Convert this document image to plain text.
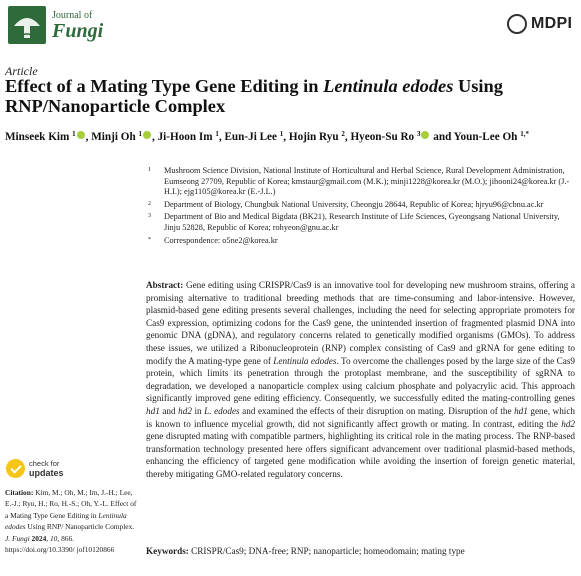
Journal of
Fungi	MDPI
Article
Effect of a Mating Type Gene Editing in Lentinula edodes Using RNP/Nanoparticle Complex
Minseek Kim $^1$ , Minji Oh $^1$ , Ji-Hoon Im $^1$, Eun-Ji Lee $^1$, Hojin Ryu $^2$, Hyeon-Su Ro $^3$ and Youn-Lee Oh $^{1,*}$
1 Mushroom Science Division, National Institute of Horticultural and Herbal Science, Rural Development Administration, Eumseong 27709, Republic of Korea; kmstaur@gmail.com (M.K.); minji1228@korea.kr (M.O.); jihooni24@korea.kr (J.-H.I.); ejg1105@korea.kr (E.-J.L.)
2 Department of Biology, Chungbuk National University, Cheongju 28644, Republic of Korea; hjryu96@cbnu.ac.kr
3 Department of Bio and Medical Bigdata (BK21), Research Institute of Life Sciences, Gyeongsang National University, Jinju 52828, Republic of Korea; rohyeon@gnu.ac.kr
* Correspondence: o5ne2@korea.kr
Abstract: Gene editing using CRISPR/Cas9 is an innovative tool for developing new mushroom strains, offering a promising alternative to traditional breeding methods that are time-consuming and labor-intensive. However, plasmid-based gene editing presents several challenges, including the need for selecting appropriate promoters for Cas9 expression, optimizing codons for the Cas9 gene, the unintended insertion of fragmented plasmid DNA into genomic DNA (gDNA), and regulatory concerns related to genetically modified organisms (GMOs). To address these issues, we utilized a Ribonucleoprotein (RNP) complex consisting of Cas9 and gRNA for gene editing to modify the A mating-type gene of Lentinula edodes. To overcome the challenges posed by the large size of the Cas9 protein, which limits its penetration through the protoplast membrane, and the susceptibility of sgRNA to degradation, we developed a nanoparticle complex using calcium phosphate and polyacrylic acid. This approach significantly improved gene editing efficiency. Consequently, we successfully edited the mating-controlling genes hd1 and hd2 in L. edodes and examined the effects of their disruption on mating. Disruption of the hd1 gene, which is known to influence mycelial growth, did not significantly affect growth or mating. In contrast, editing the hd2 gene disrupted mating with compatible partners, highlighting its critical role in the mating process. The RNP-based transformation technology presented here offers significant advancement over traditional plasmid-based methods, enhancing the efficiency of targeted gene modification while avoiding the insertion of foreign genetic material, thereby mitigating GMO-related regulatory concerns.
Keywords: CRISPR/Cas9; DNA-free; RNP; nanoparticle; homeodomain; mating type
check for
updates
Citation: Kim, M.; Oh, M.; Im, J.-H.; Lee, E.-J.; Ryu, H.; Ro, H.-S.; Oh, Y.-L. Effect of a Mating Type Gene Editing in Lentinula edodes Using RNP/ Nanoparticle Complex. J. Fungi 2024, 10, 866. https://doi.org/10.3390/ jof10120866
